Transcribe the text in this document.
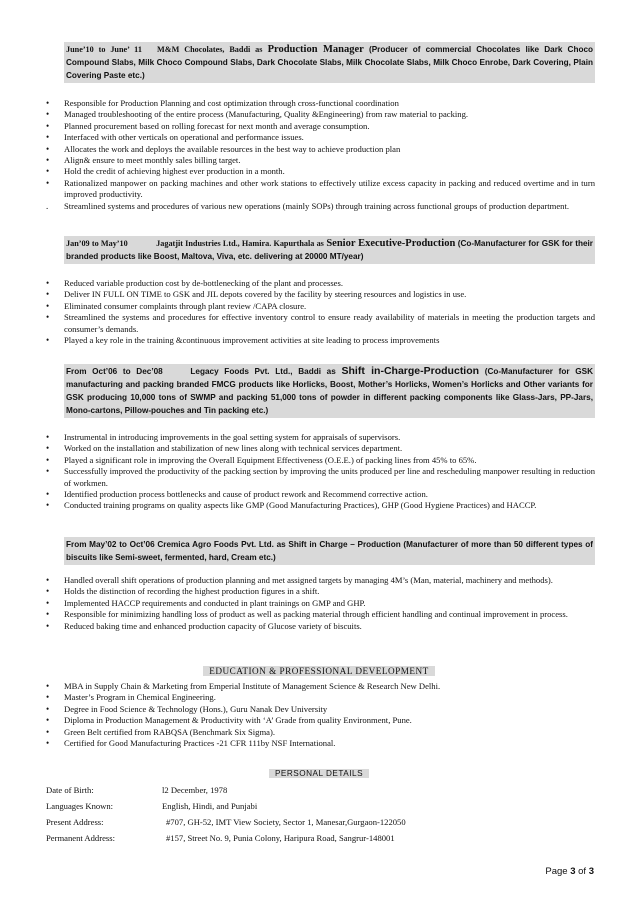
June’10 to June’ 11 M&M Chocolates, Baddi as Production Manager (Producer of commercial Chocolates like Dark Choco Compound Slabs, Milk Choco Compound Slabs, Dark Chocolate Slabs, Milk Chocolate Slabs, Milk Choco Enrobe, Dark Covering, Plain Covering Paste etc.)
• Responsible for Production Planning and cost optimization through cross-functional coordination
• Managed troubleshooting of the entire process (Manufacturing, Quality &Engineering) from raw material to packing.
• Planned procurement based on rolling forecast for next month and average consumption.
• Interfaced with other verticals on operational and performance issues.
• Allocates the work and deploys the available resources in the best way to achieve production plan
• Align& ensure to meet monthly sales billing target.
• Hold the credit of achieving highest ever production in a month.
• Rationalized manpower on packing machines and other work stations to effectively utilize excess capacity in packing and reduced overtime and in turn improved productivity.
. Streamlined systems and procedures of various new operations (mainly SOPs) through training across functional groups of production department.
Jan’09 to May’10	Jagatjit Industries Ltd., Hamira. Kapurthala as Senior Executive-Production (Co-Manufacturer for GSK for their branded products like Boost, Maltova, Viva, etc. delivering at 20000 MT/year)
• Reduced variable production cost by de-bottlenecking of the plant and processes.
• Deliver IN FULL ON TIME to GSK and JIL depots covered by the facility by steering resources and logistics in use.
• Eliminated consumer complaints through plant review /CAPA closure.
• Streamlined the systems and procedures for effective inventory control to ensure ready availability of materials in meeting the production targets and consumer’s demands.
• Played a key role in the training &continuous improvement activities at site leading to process improvements
From Oct’06 to Dec’08	Legacy Foods Pvt. Ltd., Baddi as Shift in-Charge-Production (Co-Manufacturer for GSK manufacturing and packing branded FMCG products like Horlicks, Boost, Mother’s Horlicks, Women’s Horlicks and Other variants for GSK producing 10,000 tons of SWMP and packing 51,000 tons of powder in different packing components like Glass-Jars, PP-Jars, Mono-cartons, Pillow-pouches and Tin packing etc.)
• Instrumental in introducing improvements in the goal setting system for appraisals of supervisors.
• Worked on the installation and stabilization of new lines along with technical services department.
• Played a significant role in improving the Overall Equipment Effectiveness (O.E.E.) of packing lines from 45% to 65%.
• Successfully improved the productivity of the packing section by improving the units produced per line and rescheduling manpower resulting in reduction of workmen.
• Identified production process bottlenecks and cause of product rework and Recommend corrective action.
• Conducted training programs on quality aspects like GMP (Good Manufacturing Practices), GHP (Good Hygiene Practices) and HACCP.
From May’02 to Oct’06 Cremica Agro Foods Pvt. Ltd. as Shift in Charge – Production (Manufacturer of more than 50 different types of biscuits like Semi-sweet, fermented, hard, Cream etc.)
• Handled overall shift operations of production planning and met assigned targets by managing 4M’s (Man, material, machinery and methods).
• Holds the distinction of recording the highest production figures in a shift.
• Implemented HACCP requirements and conducted in plant trainings on GMP and GHP.
• Responsible for minimizing handling loss of product as well as packing material through efficient handling and continual improvement in process.
• Reduced baking time and enhanced production capacity of Glucose variety of biscuits.
EDUCATION & PROFESSIONAL DEVELOPMENT
• MBA in Supply Chain & Marketing from Emperial Institute of Management Science & Research New Delhi.
• Master’s Program in Chemical Engineering.
• Degree in Food Science & Technology (Hons.), Guru Nanak Dev University
• Diploma in Production Management & Productivity with ‘A’ Grade from quality Environment, Pune.
• Green Belt certified from RABQSA (Benchmark Six Sigma).
• Certified for Good Manufacturing Practices -21 CFR 111by NSF International.
PERSONAL DETAILS
Date of Birth:	l2 December, 1978
Languages Known:	English, Hindi, and Punjabi
Present Address:	#707, GH-52, IMT View Society, Sector 1, Manesar,Gurgaon-122050
Permanent Address:	#157, Street No. 9, Punia Colony, Haripura Road, Sangrur-148001
Page 3 of 3
